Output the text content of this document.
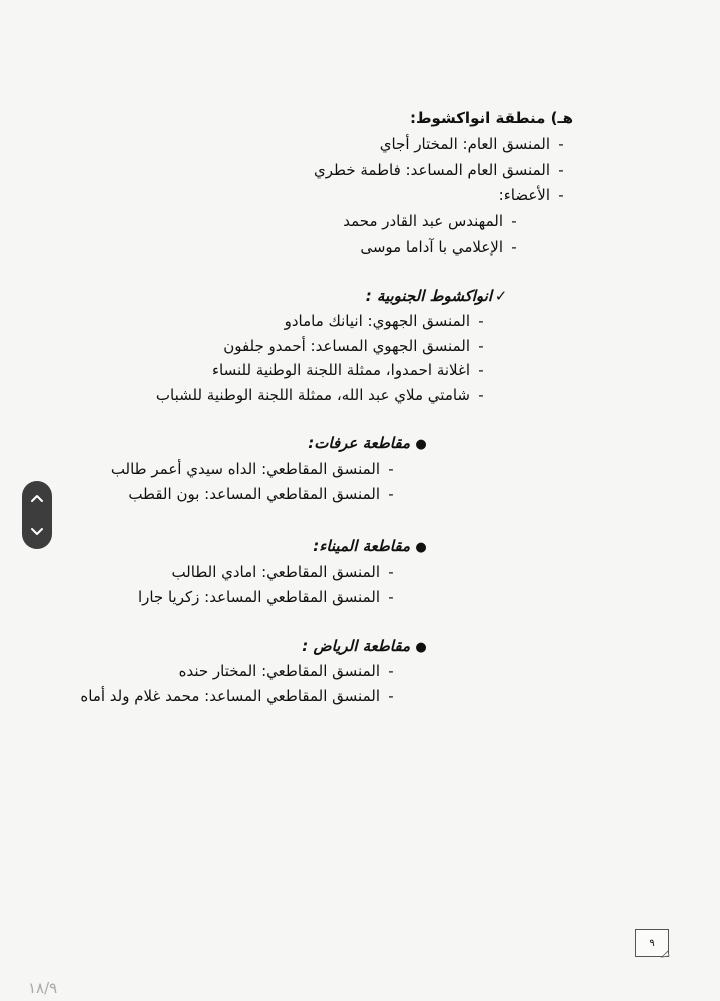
هـ) منطقة انواكشوط:
-المنسق العام: المختار أجاي
-المنسق العام المساعد: فاطمة خطري
-الأعضاء:
-المهندس عبد القادر محمد
-الإعلامي با آداما موسى
✓انواكشوط الجنوبية :
-المنسق الجهوي: انيانك مامادو
-المنسق الجهوي المساعد: أحمدو جلفون
-اغلانة احمدوا، ممثلة اللجنة الوطنية للنساء
-شامتي ملاي عبد الله، ممثلة اللجنة الوطنية للشباب
●مقاطعة عرفات:
-المنسق المقاطعي: الداه سيدي أعمر طالب
-المنسق المقاطعي المساعد: بون القطب
●مقاطعة الميناء:
-المنسق المقاطعي: امادي الطالب
-المنسق المقاطعي المساعد: زكريا جارا
●مقاطعة الرياض :
-المنسق المقاطعي: المختار حنده
-المنسق المقاطعي المساعد: محمد غلام ولد أماه
٩
١٨/٩
